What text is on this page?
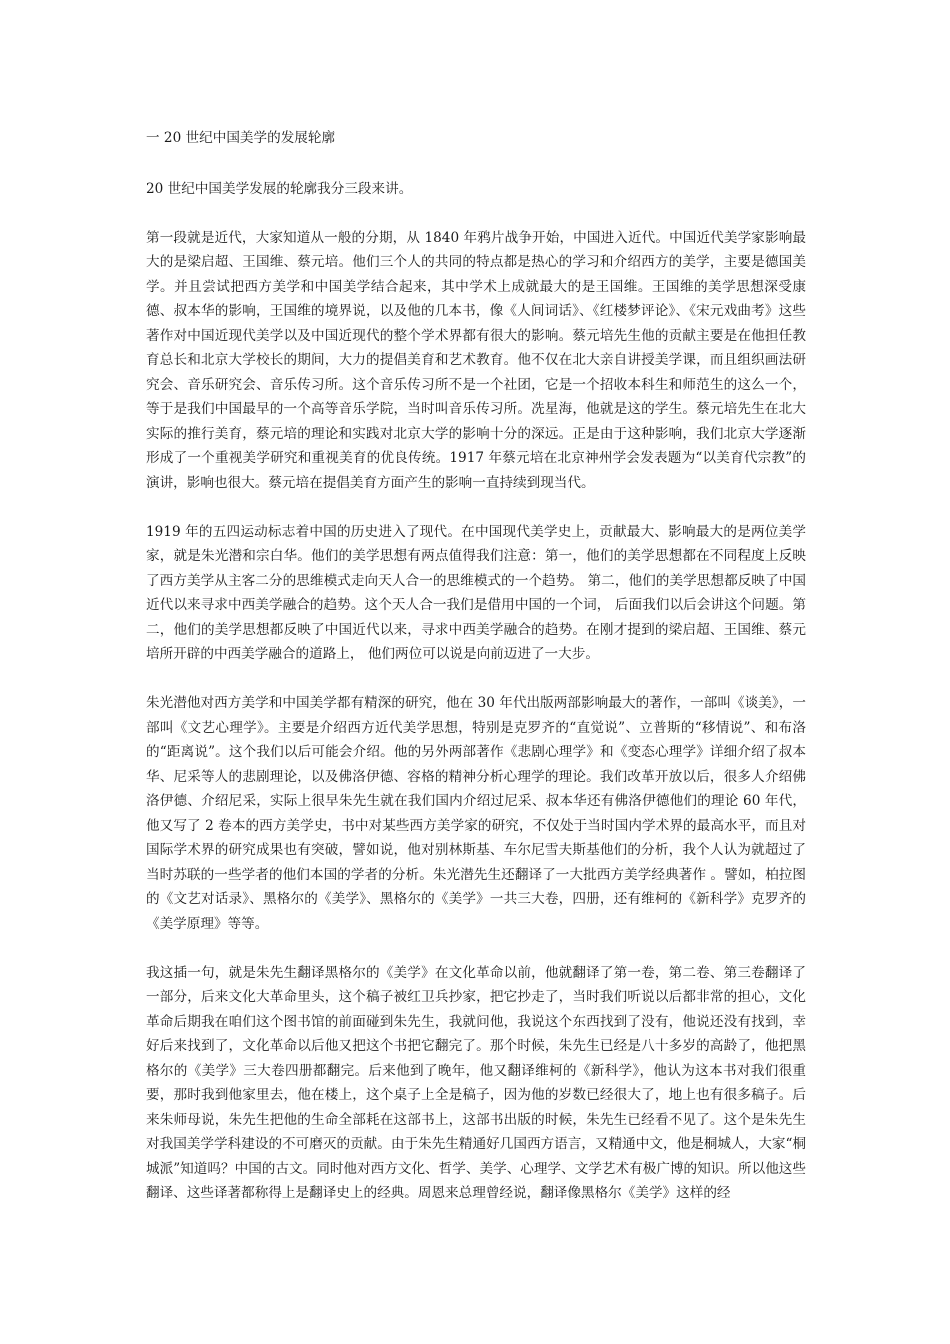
一 20 世纪中国美学的发展轮廓

20 世纪中国美学发展的轮廓我分三段来讲。

第一段就是近代，大家知道从一般的分期，从 1840 年鸦片战争开始，中国进入近代。中国近代美学家影响最大的是梁启超、王国维、蔡元培。他们三个人的共同的特点都是热心的学习和介绍西方的美学，主要是德国美学。并且尝试把西方美学和中国美学结合起来，其中学术上成就最大的是王国维。王国维的美学思想深受康德、叔本华的影响，王国维的境界说，以及他的几本书，像《人间词话》、《红楼梦评论》、《宋元戏曲考》这些著作对中国近现代美学以及中国近现代的整个学术界都有很大的影响。蔡元培先生他的贡献主要是在他担任教育总长和北京大学校长的期间，大力的提倡美育和艺术教育。他不仅在北大亲自讲授美学课，而且组织画法研究会、音乐研究会、音乐传习所。这个音乐传习所不是一个社团，它是一个招收本科生和师范生的这么一个，等于是我们中国最早的一个高等音乐学院，当时叫音乐传习所。冼星海，他就是这的学生。蔡元培先生在北大实际的推行美育，蔡元培的理论和实践对北京大学的影响十分的深远。正是由于这种影响，我们北京大学逐渐形成了一个重视美学研究和重视美育的优良传统。1917 年蔡元培在北京神州学会发表题为“以美育代宗教”的演讲，影响也很大。蔡元培在提倡美育方面产生的影响一直持续到现当代。

1919 年的五四运动标志着中国的历史进入了现代。在中国现代美学史上，贡献最大、影响最大的是两位美学家，就是朱光潜和宗白华。他们的美学思想有两点值得我们注意：第一，他们的美学思想都在不同程度上反映了西方美学从主客二分的思维模式走向天人合一的思维模式的一个趋势。 第二，他们的美学思想都反映了中国近代以来寻求中西美学融合的趋势。这个天人合一我们是借用中国的一个词， 后面我们以后会讲这个问题。第二，他们的美学思想都反映了中国近代以来，寻求中西美学融合的趋势。在刚才提到的梁启超、王国维、蔡元培所开辟的中西美学融合的道路上， 他们两位可以说是向前迈进了一大步。

朱光潜他对西方美学和中国美学都有精深的研究，他在 30 年代出版两部影响最大的著作，一部叫《谈美》，一部叫《文艺心理学》。主要是介绍西方近代美学思想，特别是克罗齐的“直觉说”、立普斯的“移情说”、和布洛的“距离说”。这个我们以后可能会介绍。他的另外两部著作《悲剧心理学》和《变态心理学》详细介绍了叔本华、尼采等人的悲剧理论，以及佛洛伊德、容格的精神分析心理学的理论。我们改革开放以后，很多人介绍佛洛伊德、介绍尼采，实际上很早朱先生就在我们国内介绍过尼采、叔本华还有佛洛伊德他们的理论 60 年代，他又写了 2 卷本的西方美学史，书中对某些西方美学家的研究，不仅处于当时国内学术界的最高水平，而且对国际学术界的研究成果也有突破，譬如说，他对别林斯基、车尔尼雪夫斯基他们的分析，我个人认为就超过了当时苏联的一些学者的他们本国的学者的分析。朱光潜先生还翻译了一大批西方美学经典著作 。譬如，柏拉图的《文艺对话录》、黑格尔的《美学》、黑格尔的《美学》一共三大卷，四册，还有维柯的《新科学》克罗齐的《美学原理》等等。

我这插一句，就是朱先生翻译黑格尔的《美学》在文化革命以前，他就翻译了第一卷，第二卷、第三卷翻译了一部分，后来文化大革命里头，这个稿子被红卫兵抄家，把它抄走了，当时我们听说以后都非常的担心，文化革命后期我在咱们这个图书馆的前面碰到朱先生，我就问他，我说这个东西找到了没有，他说还没有找到，幸好后来找到了，文化革命以后他又把这个书把它翻完了。那个时候，朱先生已经是八十多岁的高龄了，他把黑格尔的《美学》三大卷四册都翻完。后来他到了晚年，他又翻译维柯的《新科学》，他认为这本书对我们很重要，那时我到他家里去，他在楼上，这个桌子上全是稿子，因为他的岁数已经很大了，地上也有很多稿子。后来朱师母说，朱先生把他的生命全部耗在这部书上，这部书出版的时候，朱先生已经看不见了。这个是朱先生对我国美学学科建设的不可磨灭的贡献。由于朱先生精通好几国西方语言，又精通中文，他是桐城人，大家“桐城派”知道吗？中国的古文。同时他对西方文化、哲学、美学、心理学、文学艺术有极广博的知识。所以他这些翻译、这些译著都称得上是翻译史上的经典。周恩来总理曾经说，翻译像黑格尔《美学》这样的经
